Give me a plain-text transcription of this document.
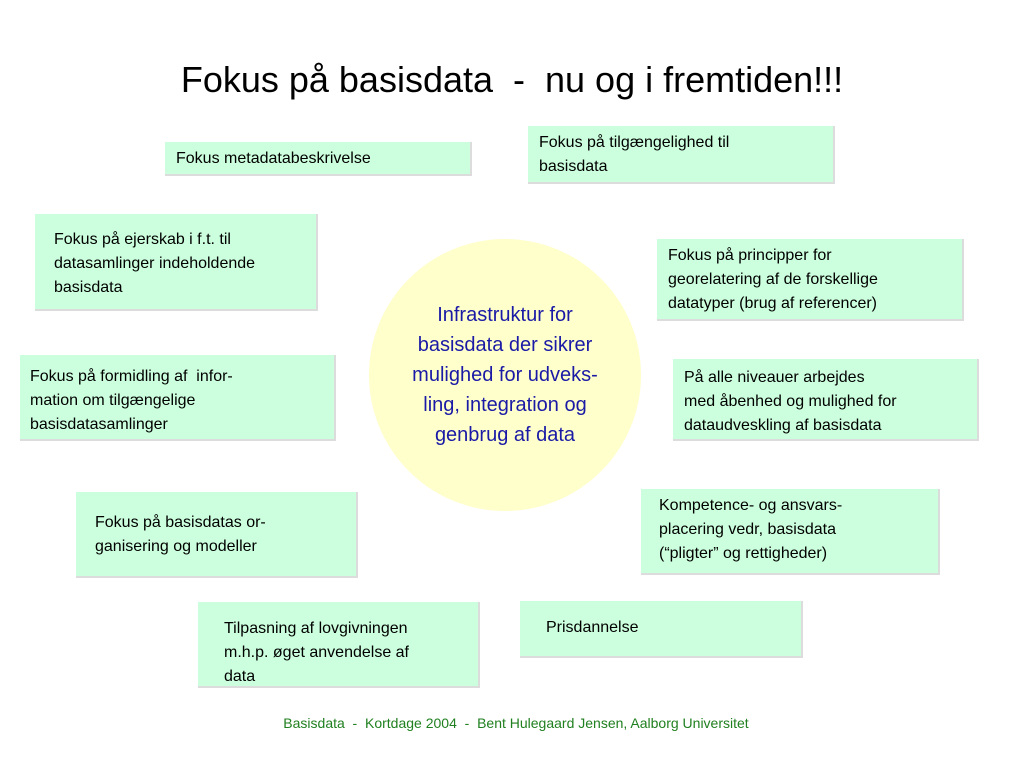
Fokus på basisdata  -  nu og i fremtiden!!!

Fokus metadatabeskrivelse

Fokus på tilgængelighed til
basisdata

Fokus på ejerskab i f.t. til
datasamlinger indeholdende
basisdata

Fokus på principper for
georelatering af de forskellige
datatyper (brug af referencer)

Fokus på formidling af  infor-
mation om tilgængelige
basisdatasamlinger

Infrastruktur for
basisdata der sikrer
mulighed for udveks-
ling, integration og
genbrug af data

På alle niveauer arbejdes
med åbenhed og mulighed for
dataudveskling af basisdata

Fokus på basisdatas or-
ganisering og modeller

Kompetence- og ansvars-
placering vedr, basisdata
(“pligter” og rettigheder)

Tilpasning af lovgivningen
m.h.p. øget anvendelse af
data

Prisdannelse

Basisdata  -  Kortdage 2004  -  Bent Hulegaard Jensen, Aalborg Universitet
